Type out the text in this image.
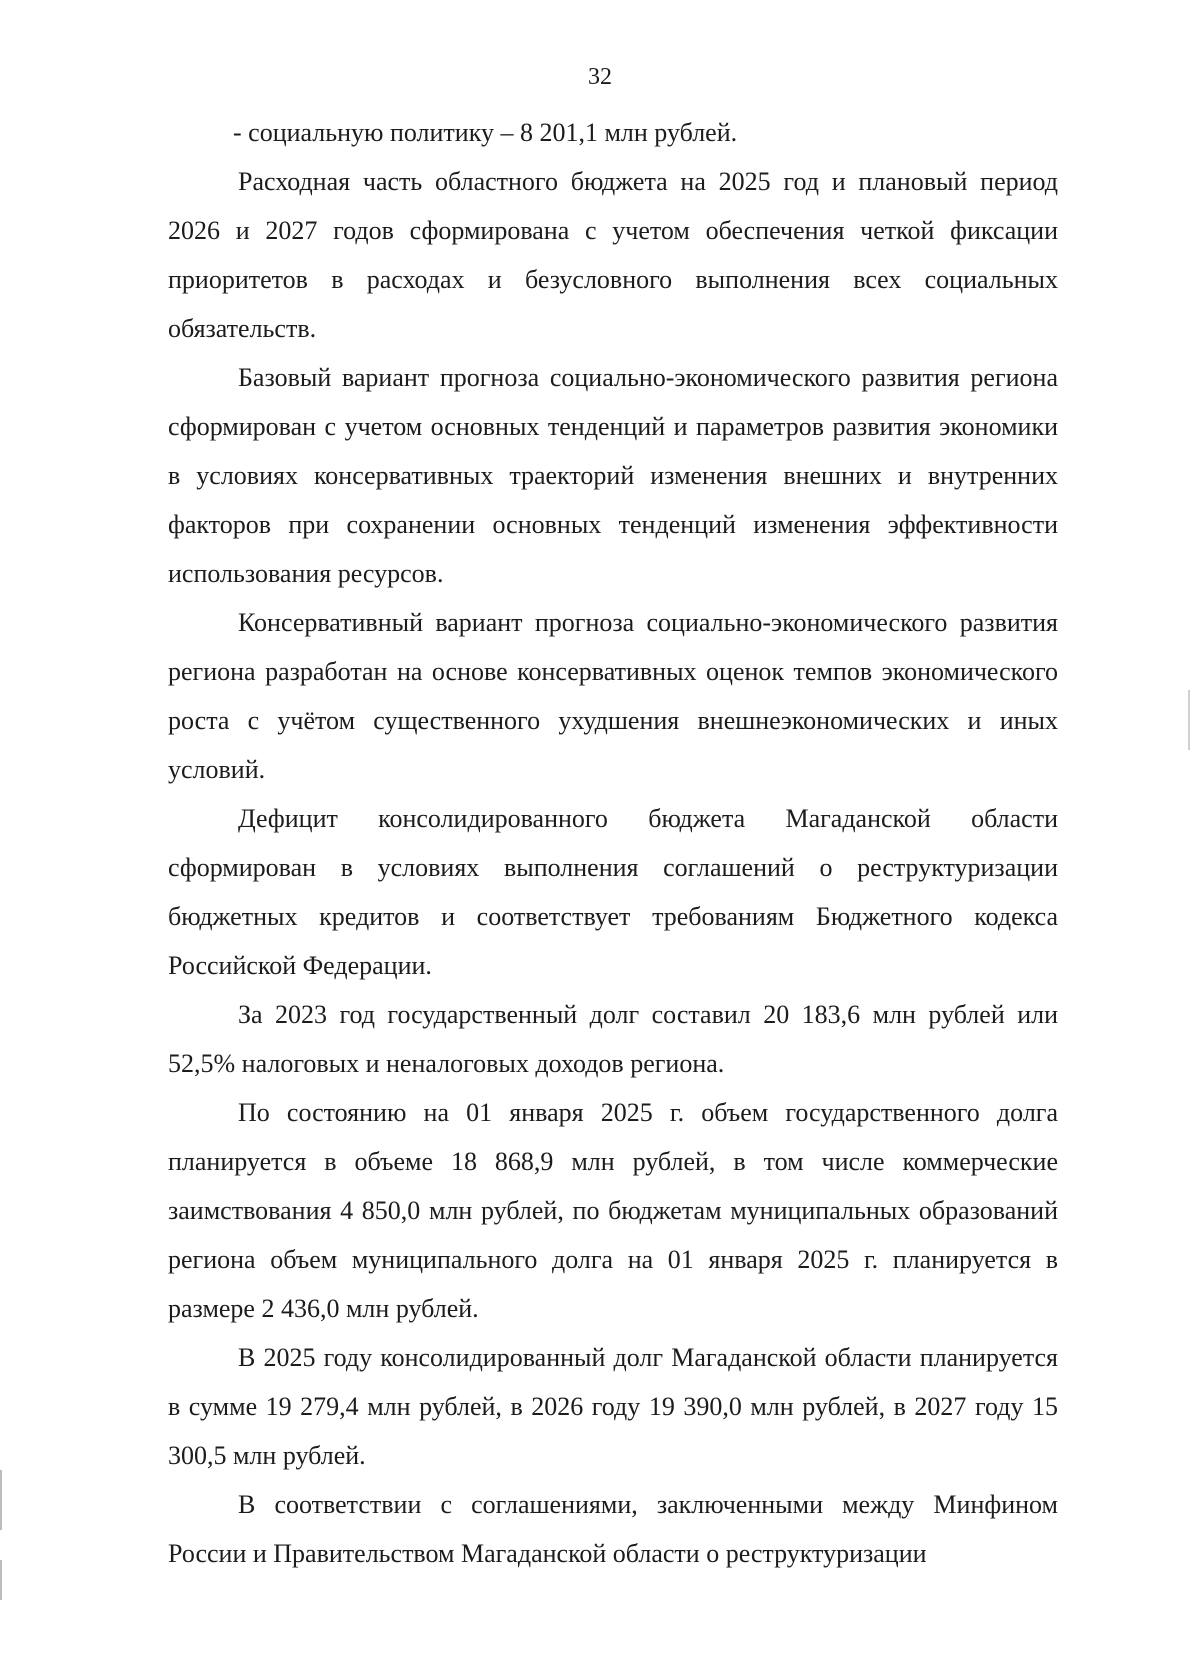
32

- социальную политику – 8 201,1 млн рублей.

Расходная часть областного бюджета на 2025 год и плановый период 2026 и 2027 годов сформирована с учетом обеспечения четкой фиксации приоритетов в расходах и безусловного выполнения всех социальных обязательств.

Базовый вариант прогноза социально-экономического развития региона сформирован с учетом основных тенденций и параметров развития экономики в условиях консервативных траекторий изменения внешних и внутренних факторов при сохранении основных тенденций изменения эффективности использования ресурсов.

Консервативный вариант прогноза социально-экономического развития региона разработан на основе консервативных оценок темпов экономического роста с учётом существенного ухудшения внешнеэкономических и иных условий.

Дефицит консолидированного бюджета Магаданской области сформирован в условиях выполнения соглашений о реструктуризации бюджетных кредитов и соответствует требованиям Бюджетного кодекса Российской Федерации.

За 2023 год государственный долг составил 20 183,6 млн рублей или 52,5% налоговых и неналоговых доходов региона.

По состоянию на 01 января 2025 г. объем государственного долга планируется в объеме 18 868,9 млн рублей, в том числе коммерческие заимствования 4 850,0 млн рублей, по бюджетам муниципальных образований региона объем муниципального долга на 01 января 2025 г. планируется в размере 2 436,0 млн рублей.

В 2025 году консолидированный долг Магаданской области планируется в сумме 19 279,4 млн рублей, в 2026 году 19 390,0 млн рублей, в 2027 году 15 300,5 млн рублей.

В соответствии с соглашениями, заключенными между Минфином России и Правительством Магаданской области о реструктуризации
